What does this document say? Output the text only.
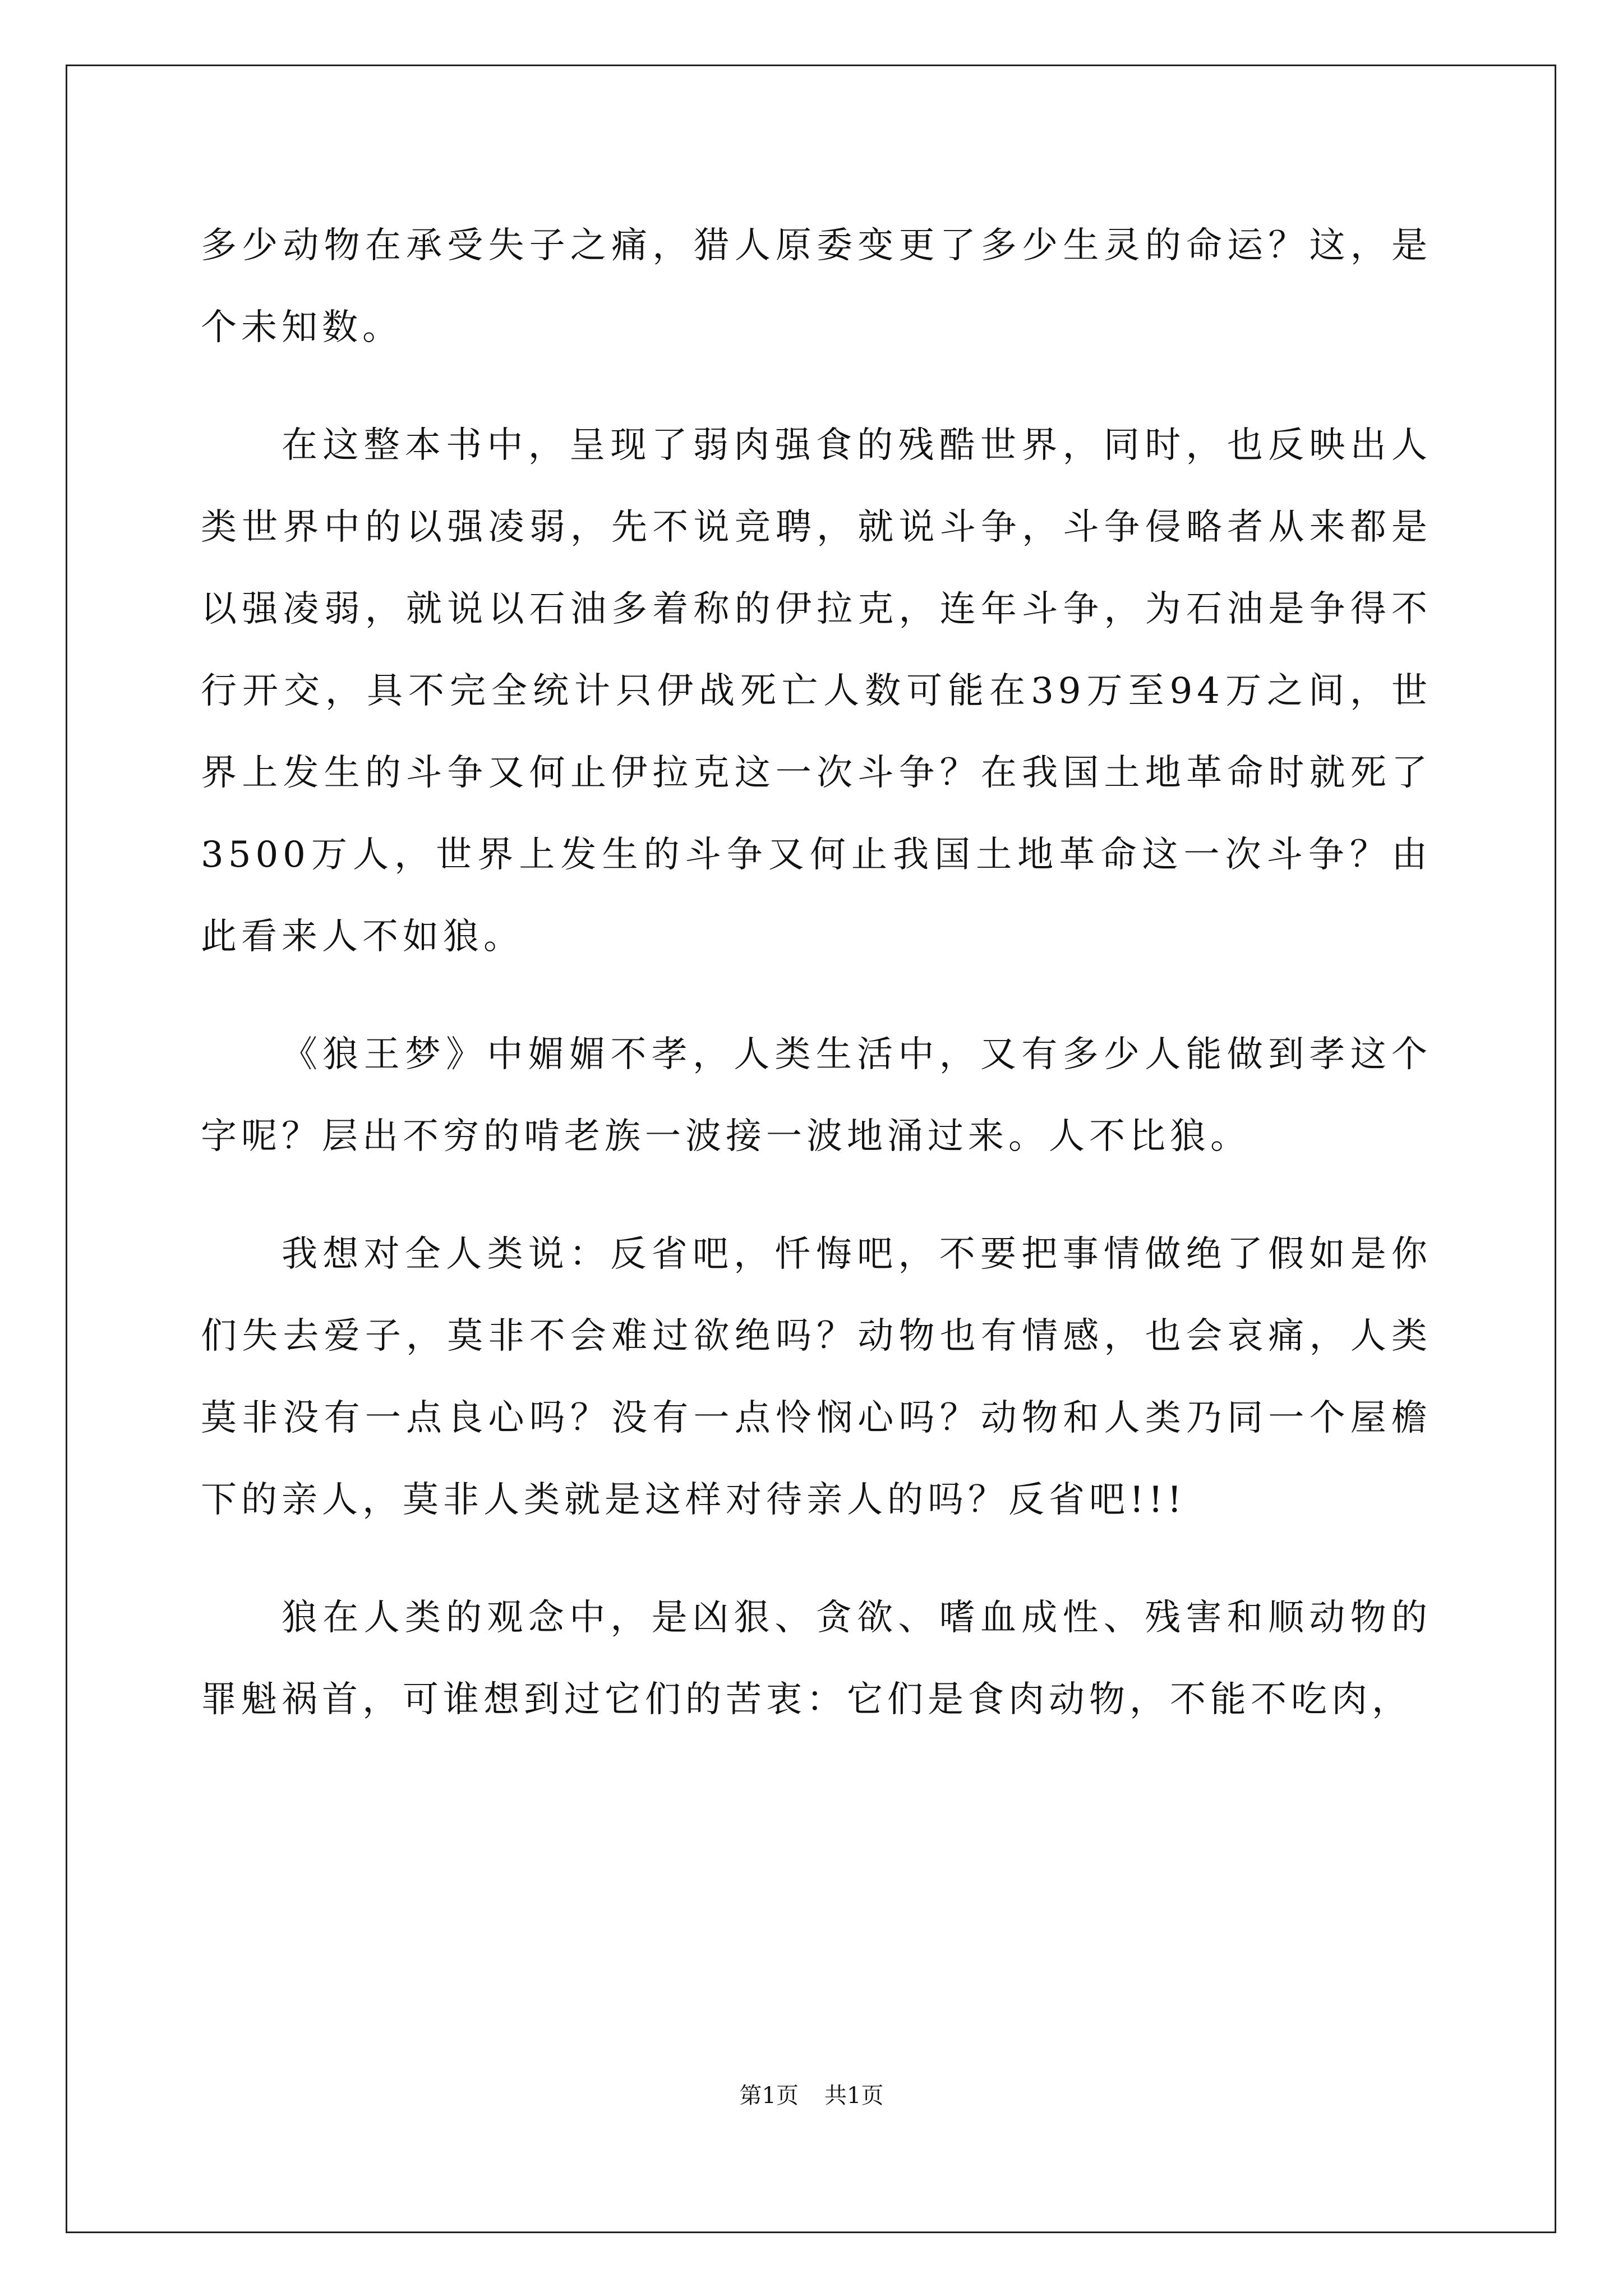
多少动物在承受失子之痛，猎人原委变更了多少生灵的命运？这，是个未知数。

在这整本书中，呈现了弱肉强食的残酷世界，同时，也反映出人类世界中的以强凌弱，先不说竞聘，就说斗争，斗争侵略者从来都是以强凌弱，就说以石油多着称的伊拉克，连年斗争，为石油是争得不行开交，具不完全统计只伊战死亡人数可能在39万至94万之间，世界上发生的斗争又何止伊拉克这一次斗争？在我国土地革命时就死了3500万人，世界上发生的斗争又何止我国土地革命这一次斗争？由此看来人不如狼。

《狼王梦》中媚媚不孝，人类生活中，又有多少人能做到孝这个字呢？层出不穷的啃老族一波接一波地涌过来。人不比狼。

我想对全人类说：反省吧，忏悔吧，不要把事情做绝了假如是你们失去爱子，莫非不会难过欲绝吗？动物也有情感，也会哀痛，人类莫非没有一点良心吗？没有一点怜悯心吗？动物和人类乃同一个屋檐下的亲人，莫非人类就是这样对待亲人的吗？反省吧!!!

狼在人类的观念中，是凶狠、贪欲、嗜血成性、残害和顺动物的罪魁祸首，可谁想到过它们的苦衷：它们是食肉动物，不能不吃肉，

第1页 共1页
